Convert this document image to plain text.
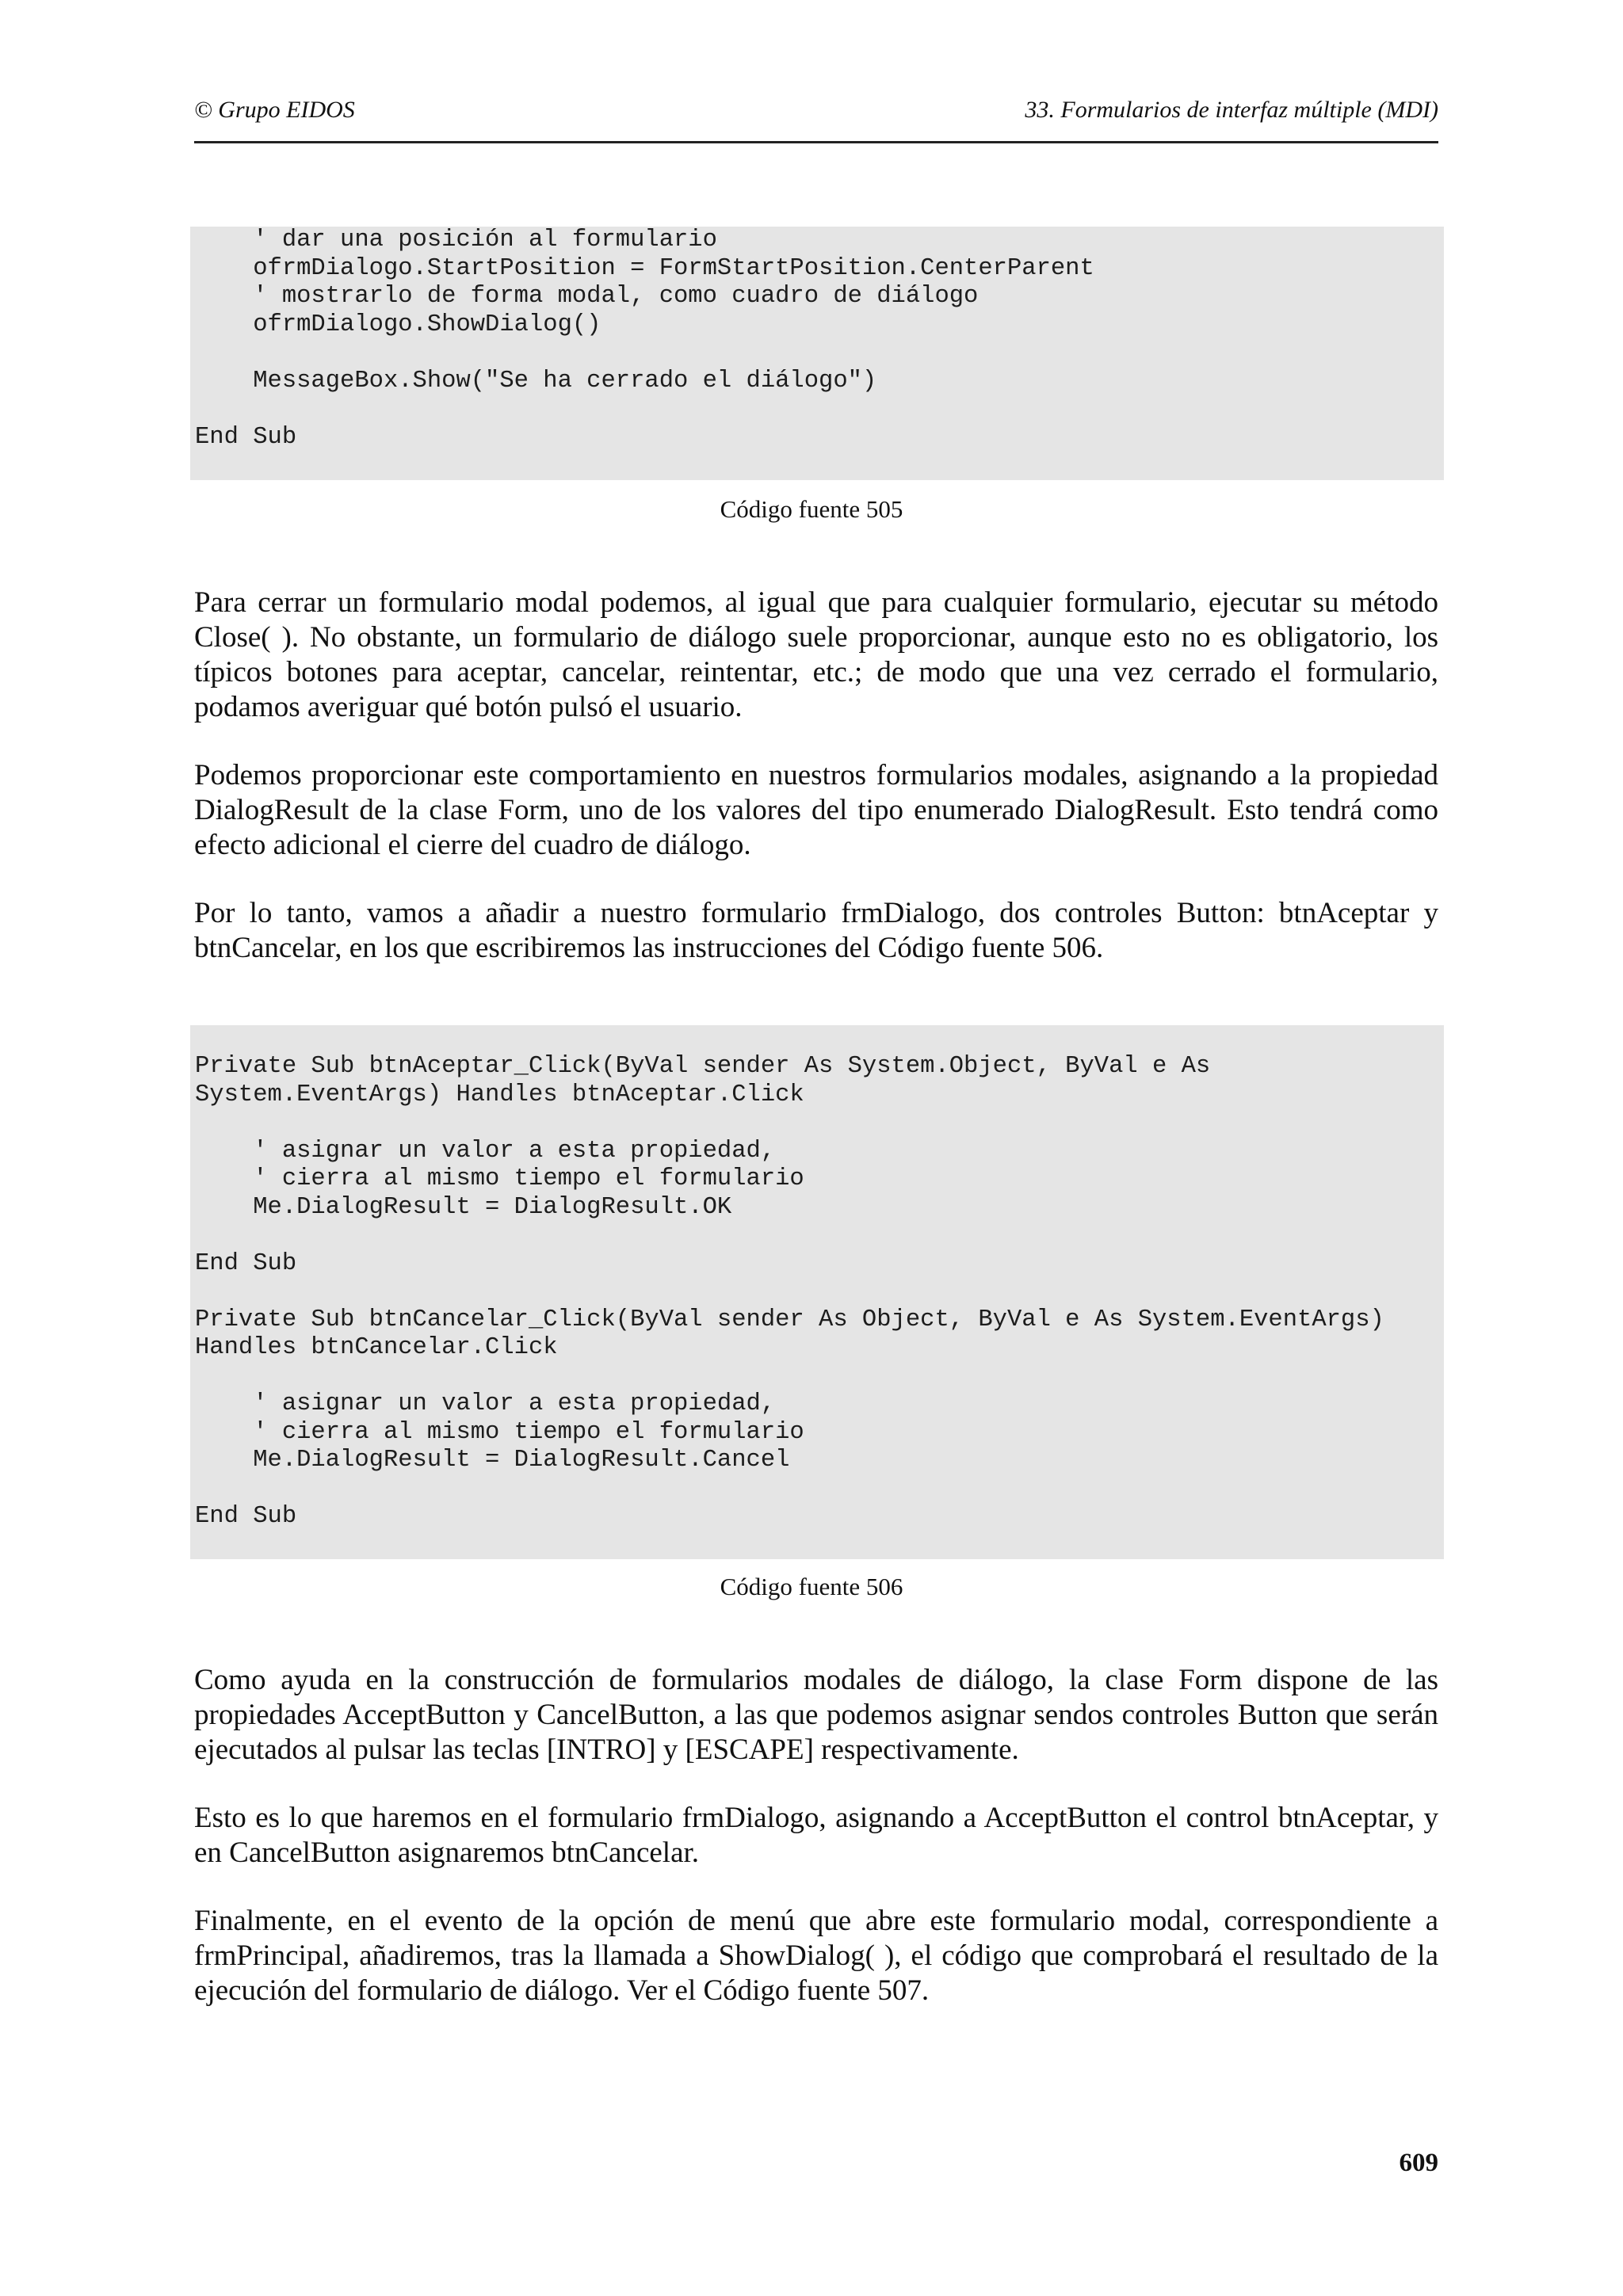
© Grupo EIDOS	33. Formularios de interfaz múltiple (MDI)
' dar una posición al formulario
ofrmDialogo.StartPosition = FormStartPosition.CenterParent
' mostrarlo de forma modal, como cuadro de diálogo
ofrmDialogo.ShowDialog()
MessageBox.Show("Se ha cerrado el diálogo")
End Sub
Código fuente 505
Para cerrar un formulario modal podemos, al igual que para cualquier formulario, ejecutar su método Close( ). No obstante, un formulario de diálogo suele proporcionar, aunque esto no es obligatorio, los típicos botones para aceptar, cancelar, reintentar, etc.; de modo que una vez cerrado el formulario, podamos averiguar qué botón pulsó el usuario.
Podemos proporcionar este comportamiento en nuestros formularios modales, asignando a la propiedad DialogResult de la clase Form, uno de los valores del tipo enumerado DialogResult. Esto tendrá como efecto adicional el cierre del cuadro de diálogo.
Por lo tanto, vamos a añadir a nuestro formulario frmDialogo, dos controles Button: btnAceptar y btnCancelar, en los que escribiremos las instrucciones del Código fuente 506.
Private Sub btnAceptar_Click(ByVal sender As System.Object, ByVal e As
System.EventArgs) Handles btnAceptar.Click
' asignar un valor a esta propiedad,
' cierra al mismo tiempo el formulario
Me.DialogResult = DialogResult.OK
End Sub
Private Sub btnCancelar_Click(ByVal sender As Object, ByVal e As System.EventArgs)
Handles btnCancelar.Click
' asignar un valor a esta propiedad,
' cierra al mismo tiempo el formulario
Me.DialogResult = DialogResult.Cancel
End Sub
Código fuente 506
Como ayuda en la construcción de formularios modales de diálogo, la clase Form dispone de las propiedades AcceptButton y CancelButton, a las que podemos asignar sendos controles Button que serán ejecutados al pulsar las teclas [INTRO] y [ESCAPE] respectivamente.
Esto es lo que haremos en el formulario frmDialogo, asignando a AcceptButton el control btnAceptar, y en CancelButton asignaremos btnCancelar.
Finalmente, en el evento de la opción de menú que abre este formulario modal, correspondiente a frmPrincipal, añadiremos, tras la llamada a ShowDialog( ), el código que comprobará el resultado de la ejecución del formulario de diálogo. Ver el Código fuente 507.
609
